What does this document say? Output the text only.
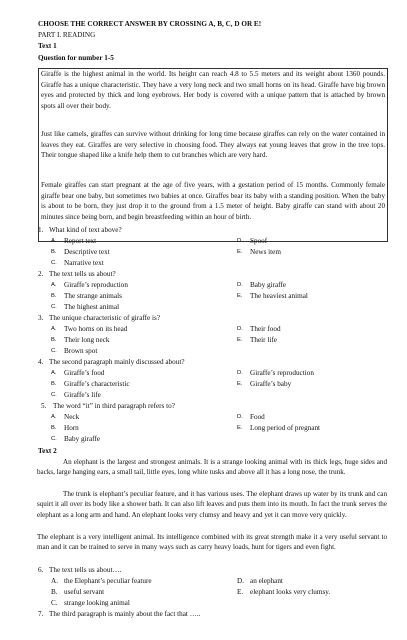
CHOOSE THE CORRECT ANSWER BY CROSSING A, B, C, D OR E!
PART I. READING
Text 1
Question for number 1-5
Giraffe is the highest animal in the world. Its height can reach 4.8 to 5.5 meters and its weight about 1360 pounds. Giraffe has a unique characteristic. They have a very long neck and two small horns on its head. Giraffe have big brown eyes and protected by thick and long eyebrows. Her body is covered with a unique pattern that is attached by brown spots all over their body.
Just like camels, giraffes can survive without drinking for long time because giraffes can rely on the water contained in leaves they eat. Giraffes are very selective in choosing food. They always eat young leaves that grow in the tree tops. Their tongue shaped like a knife help them to cut branches which are very hard.
Female giraffes can start pregnant at the age of five years, with a gestation period of 15 months. Commonly female giraffe bear one baby, but sometimes two babies at once. Giraffes bear its baby with a standing position. When the baby is about to be born, they just drop it to the ground from a 1.5 meter of height. Baby giraffe can stand with about 20 minutes since being born, and begin breastfeeding within an hour of birth.
1. What kind of text above?
A. Report text
B. Descriptive text
C. Narrative text
D. Spoof
E. News item
2. The text tells us about?
A. Giraffe’s reproduction
B. The strange animals
C. The highest animal
D. Baby giraffe
E. The heaviest animal
3. The unique characteristic of giraffe is?
A. Two horns on its head
B. Their long neck
C. Brown spot
D. Their food
E. Their life
4. The second paragraph mainly discussed about?
A. Giraffe’s food
B. Giraffe’s characteristic
C. Giraffe’s life
D. Giraffe’s reproduction
E. Giraffe’s baby
5. The word “it” in third paragraph refers to?
A. Neck
B. Horn
C. Baby giraffe
D. Food
E. Long period of pregnant
Text 2
An elephant is the largest and strongest animals. It is a strange looking animal with its thick legs, huge sides and backs, large hanging ears, a small tail, little eyes, long white tusks and above all it has a long nose, the trunk.
The trunk is elephant’s peculiar feature, and it has various uses. The elephant draws up water by its trunk and can squirt it all over its body like a shower bath. It can also lift leaves and puts them into its mouth. In fact the trunk serves the elephant as a long arm and hand. An elephant looks very clumsy and heavy and yet it can move very quickly.
The elephant is a very intelligent animal. Its intelligence combined with its great strength make it a very useful servant to man and it can be trained to serve in many ways such as carry heavy loads, hunt for tigers and even fight.
6. The text tells us about….
A. the Elephant’s peculiar feature
B. useful servant
C. strange looking animal
D. an elephant
E. elephant looks very clumsy.
7. The third paragraph is mainly about the fact that …..
